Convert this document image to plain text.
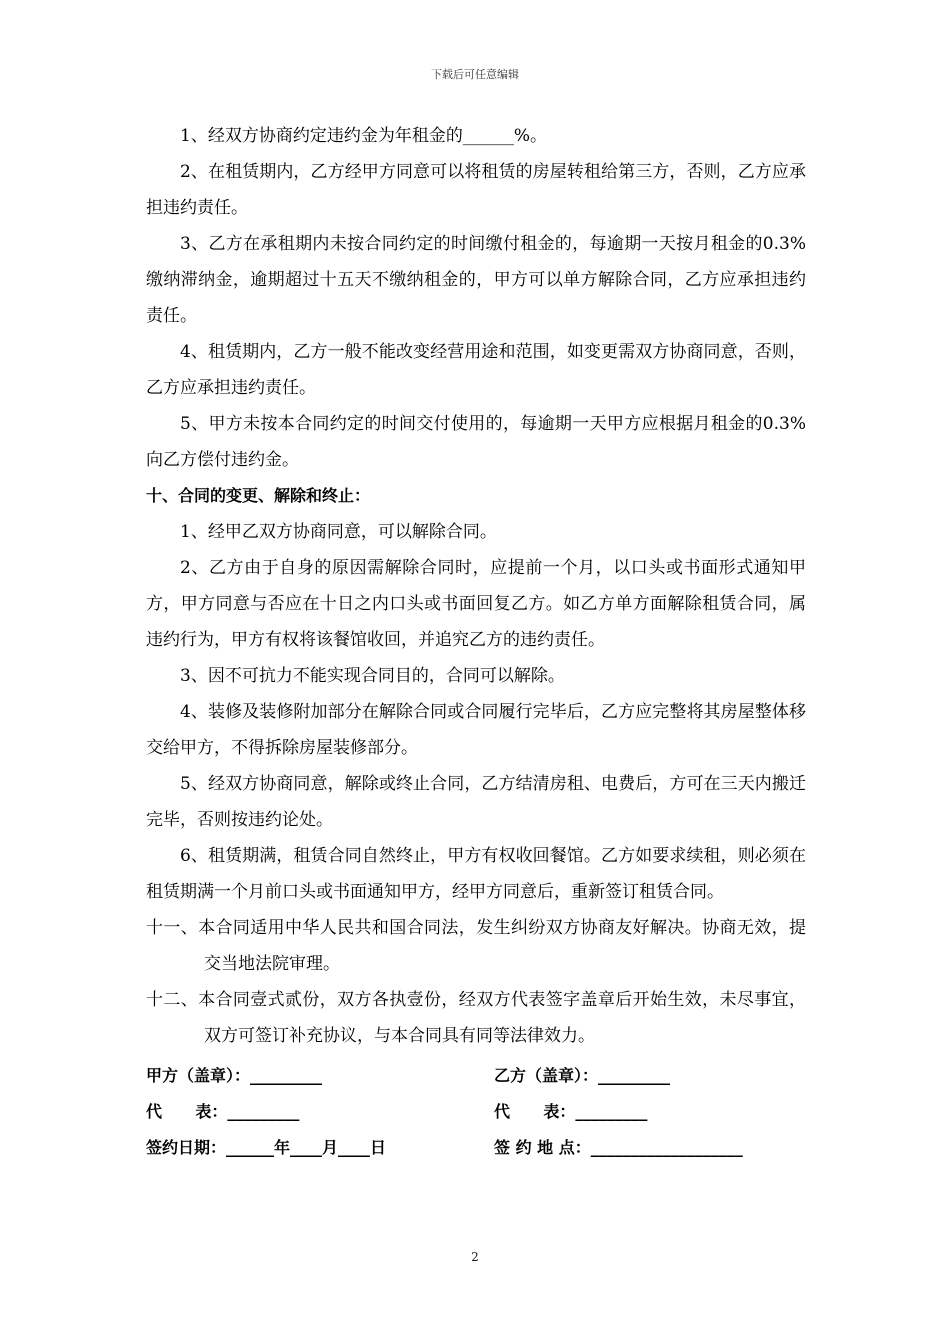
下载后可任意编辑

1、经双方协商约定违约金为年租金的______%。

2、在租赁期内，乙方经甲方同意可以将租赁的房屋转租给第三方，否则，乙方应承担违约责任。

3、乙方在承租期内未按合同约定的时间缴付租金的，每逾期一天按月租金的0.3%缴纳滞纳金，逾期超过十五天不缴纳租金的，甲方可以单方解除合同，乙方应承担违约责任。

4、租赁期内，乙方一般不能改变经营用途和范围，如变更需双方协商同意，否则，乙方应承担违约责任。

5、甲方未按本合同约定的时间交付使用的，每逾期一天甲方应根据月租金的0.3%向乙方偿付违约金。

十、合同的变更、解除和终止：

1、经甲乙双方协商同意，可以解除合同。

2、乙方由于自身的原因需解除合同时，应提前一个月，以口头或书面形式通知甲方，甲方同意与否应在十日之内口头或书面回复乙方。如乙方单方面解除租赁合同，属违约行为，甲方有权将该餐馆收回，并追究乙方的违约责任。

3、因不可抗力不能实现合同目的，合同可以解除。

4、装修及装修附加部分在解除合同或合同履行完毕后，乙方应完整将其房屋整体移交给甲方，不得拆除房屋装修部分。

5、经双方协商同意，解除或终止合同，乙方结清房租、电费后，方可在三天内搬迁完毕，否则按违约论处。

6、租赁期满，租赁合同自然终止，甲方有权收回餐馆。乙方如要求续租，则必须在租赁期满一个月前口头或书面通知甲方，经甲方同意后，重新签订租赁合同。

十一、本合同适用中华人民共和国合同法，发生纠纷双方协商友好解决。协商无效，提交当地法院审理。

十二、本合同壹式贰份，双方各执壹份，经双方代表签字盖章后开始生效，未尽事宜，双方可签订补充协议，与本合同具有同等法律效力。

甲方（盖章）：_________	乙方（盖章）：_________
代      表：_________	代      表：_________
签约日期：______年____月____日	签 约 地 点：___________________
2
